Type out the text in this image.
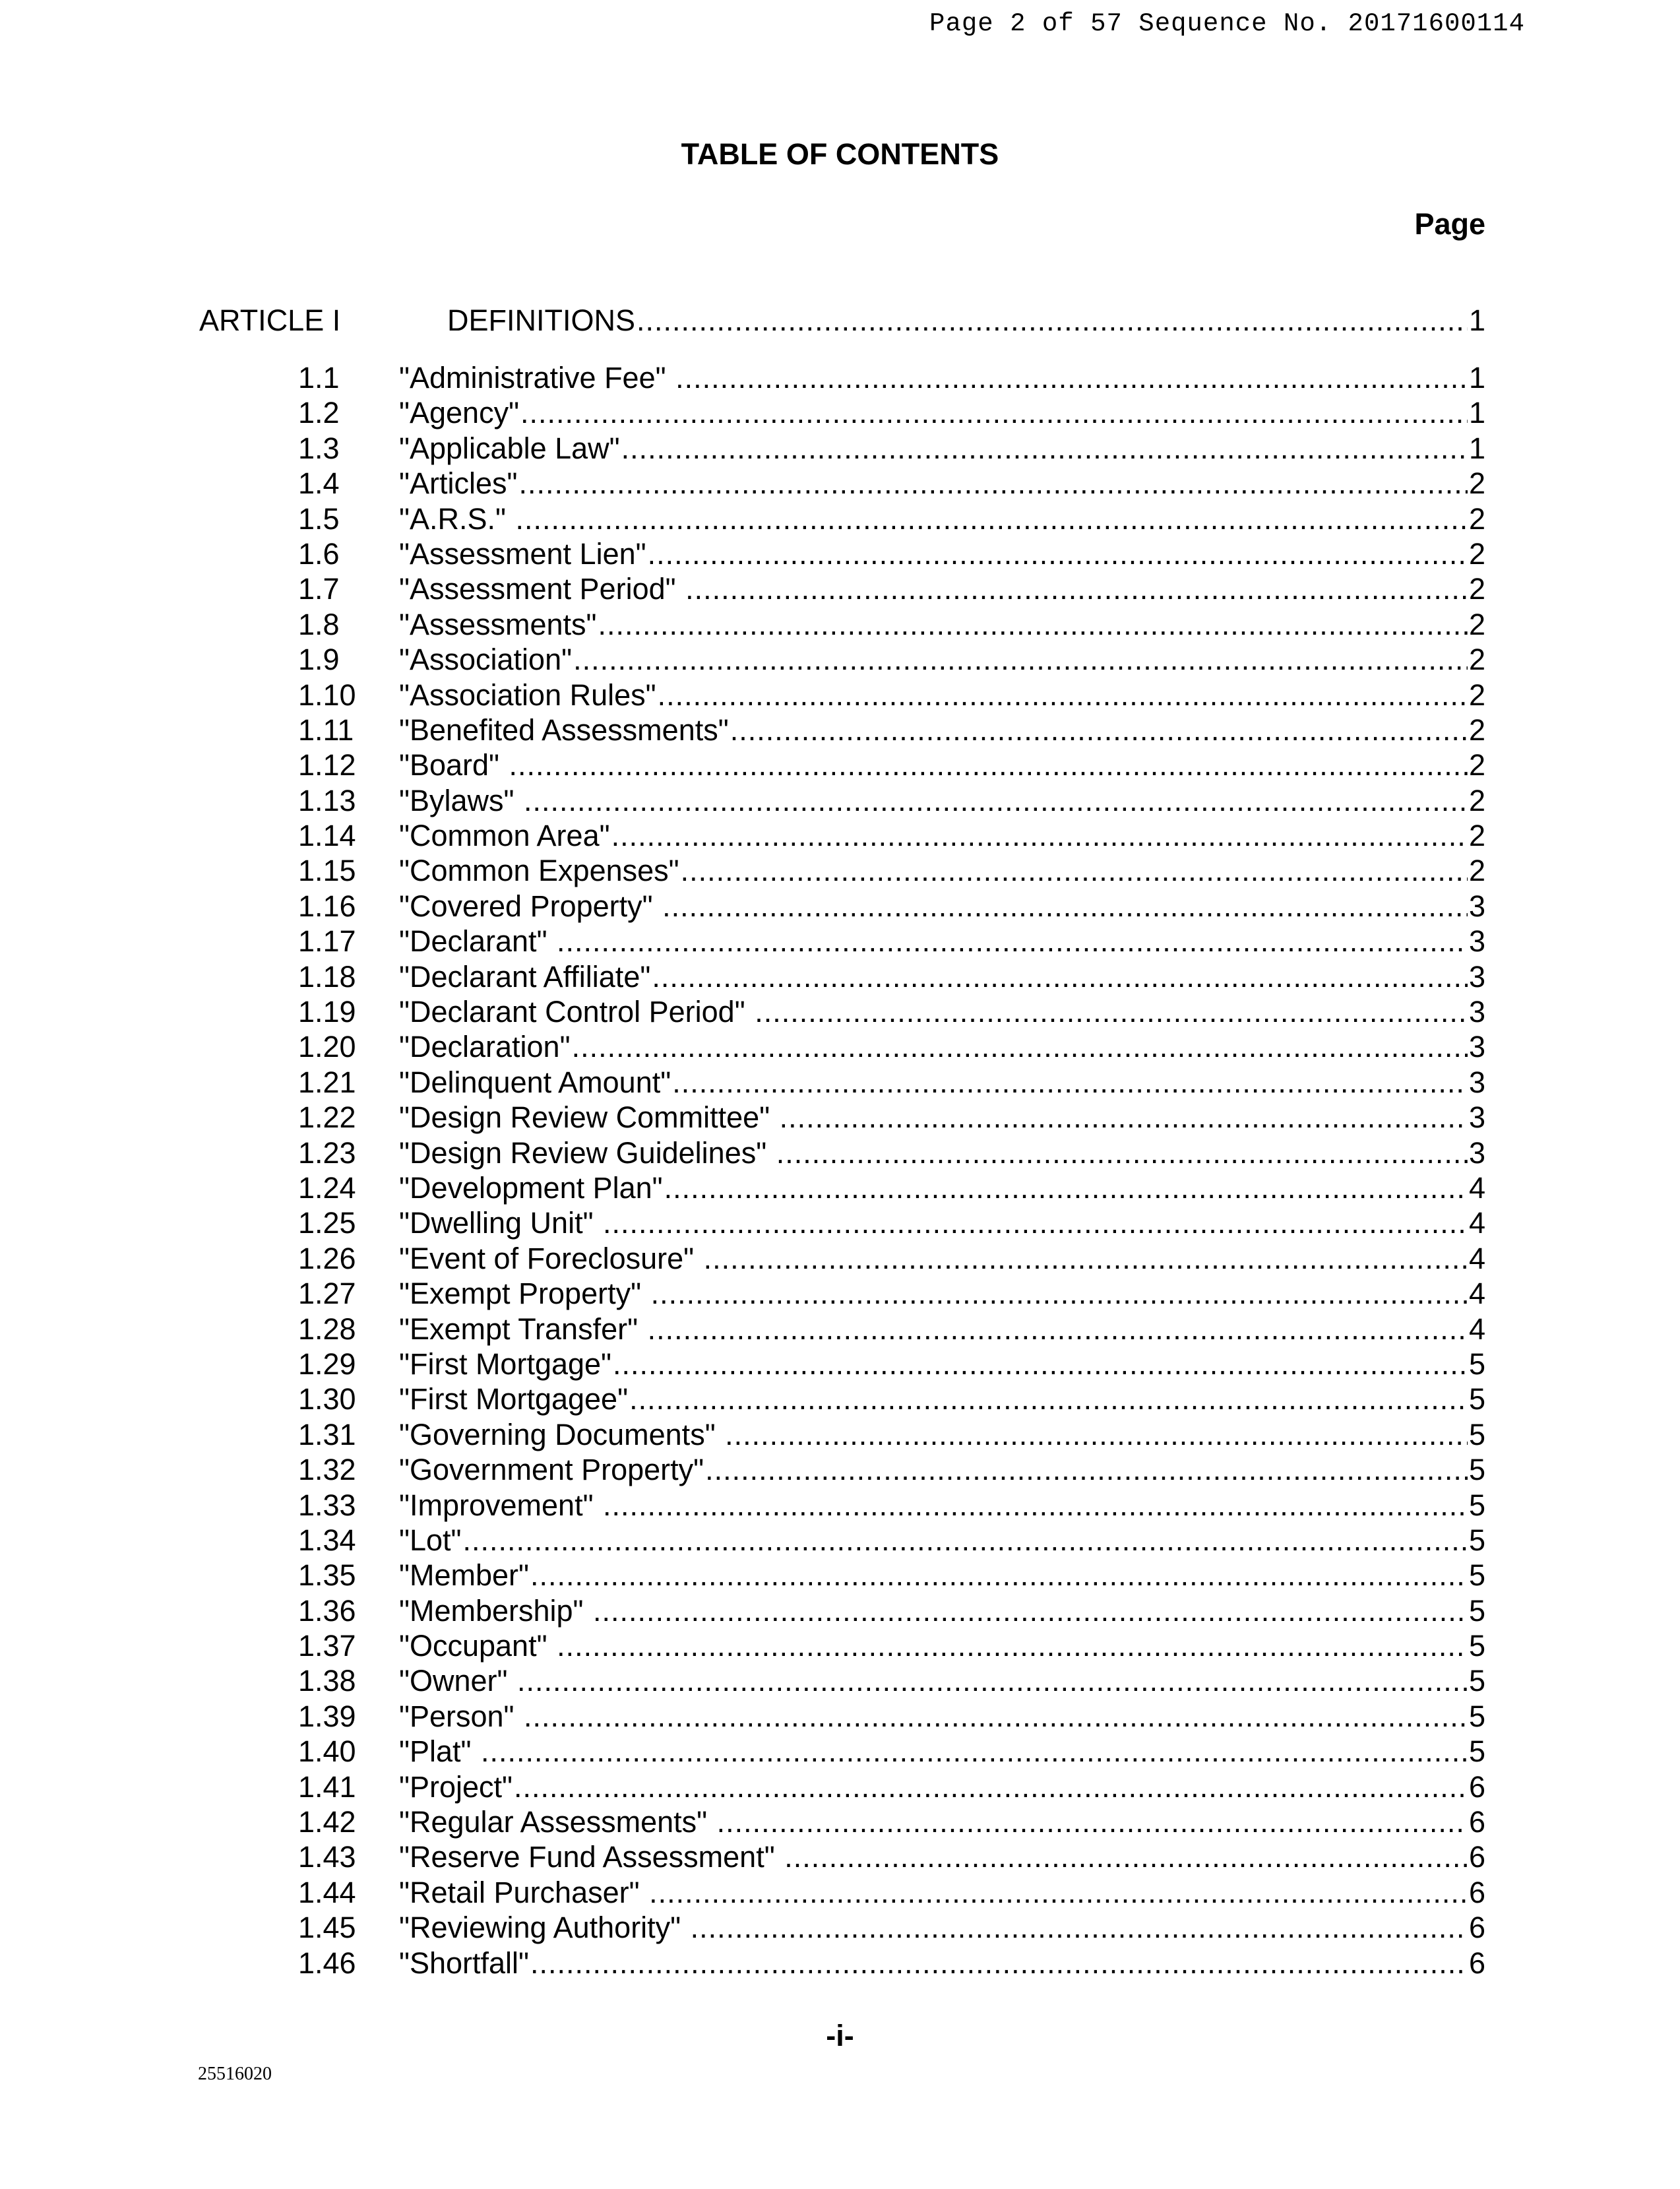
Page 2 of 57 Sequence No. 20171600114
TABLE OF CONTENTS
Page
ARTICLE I	DEFINITIONS .....	1
1.1 "Administrative Fee" .....	1
1.2 "Agency" .....	1
1.3 "Applicable Law" .....	1
1.4 "Articles" .....	2
1.5 "A.R.S." .....	2
1.6 "Assessment Lien" .....	2
1.7 "Assessment Period" .....	2
1.8 "Assessments" .....	2
1.9 "Association" .....	2
1.10 "Association Rules" .....	2
1.11 "Benefited Assessments" .....	2
1.12 "Board" .....	2
1.13 "Bylaws" .....	2
1.14 "Common Area" .....	2
1.15 "Common Expenses" .....	2
1.16 "Covered Property" .....	3
1.17 "Declarant" .....	3
1.18 "Declarant Affiliate" .....	3
1.19 "Declarant Control Period" .....	3
1.20 "Declaration" .....	3
1.21 "Delinquent Amount" .....	3
1.22 "Design Review Committee" .....	3
1.23 "Design Review Guidelines" .....	3
1.24 "Development Plan" .....	4
1.25 "Dwelling Unit" .....	4
1.26 "Event of Foreclosure" .....	4
1.27 "Exempt Property" .....	4
1.28 "Exempt Transfer" .....	4
1.29 "First Mortgage" .....	5
1.30 "First Mortgagee" .....	5
1.31 "Governing Documents" .....	5
1.32 "Government Property" .....	5
1.33 "Improvement" .....	5
1.34 "Lot" .....	5
1.35 "Member" .....	5
1.36 "Membership" .....	5
1.37 "Occupant" .....	5
1.38 "Owner" .....	5
1.39 "Person" .....	5
1.40 "Plat" .....	5
1.41 "Project" .....	6
1.42 "Regular Assessments" .....	6
1.43 "Reserve Fund Assessment" .....	6
1.44 "Retail Purchaser" .....	6
1.45 "Reviewing Authority" .....	6
1.46 "Shortfall" .....	6
-i-
25516020
